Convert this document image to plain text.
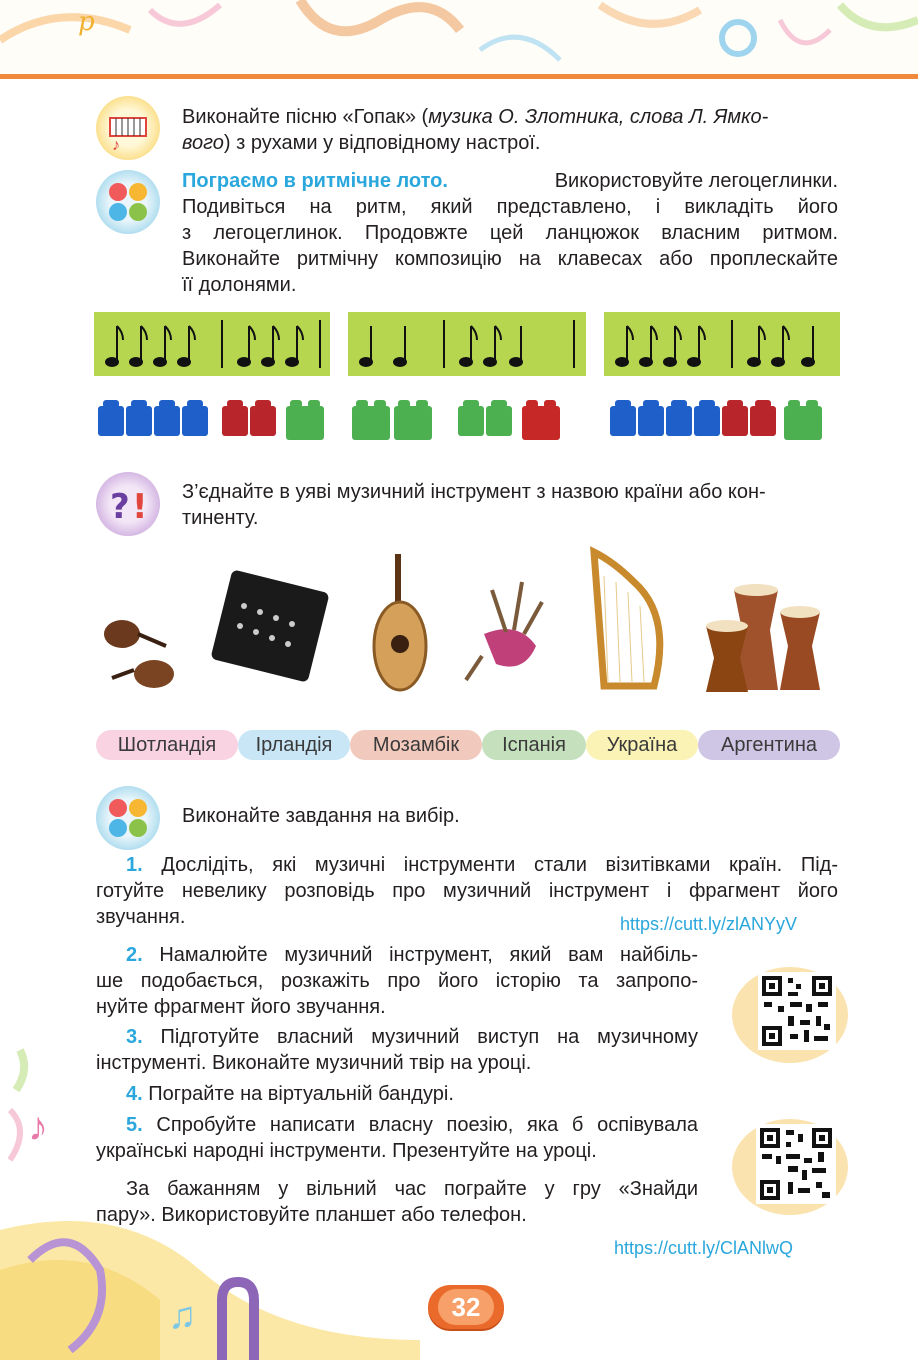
p
♪
Виконайте пісню «Гопак» (музика О. Злотника, слова Л. Ямко-
вого) з рухами у відповідному настрої.
Пограємо в ритмічне лото.	Використовуйте легоцеглинки.
Подивіться на ритм, який представлено, і викладіть його
з легоцеглинок. Продовжте цей ланцюжок власним ритмом.
Виконайте ритмічну композицію на клавесах або проплескайте
її долонями.
? ! З’єднайте в уяві музичний інструмент з назвою країни або кон-
тиненту.
Шотландія	Ірландія	Мозамбік	Іспанія	Україна	Аргентина
Виконайте завдання на вибір.
1. Дослідіть, які музичні інструменти стали візитівками країн. Під-
готуйте невелику розповідь про музичний інструмент і фрагмент його
звучання.	https://cutt.ly/zlANYyV
2. Намалюйте музичний інструмент, який вам найбіль-
ше подобається, розкажіть про його історію та запропо-
нуйте фрагмент його звучання.
3. Підготуйте власний музичний виступ на музичному
інструменті. Виконайте музичний твір на уроці.
4. Пограйте на віртуальній бандурі.
5. Спробуйте написати власну поезію, яка б оспівувала
українські народні інструменти. Презентуйте на уроці.
За бажанням у вільний час пограйте у гру «Знайди
пару». Використовуйте планшет або телефон.
https://cutt.ly/ClANlwQ
♪
♫	32
